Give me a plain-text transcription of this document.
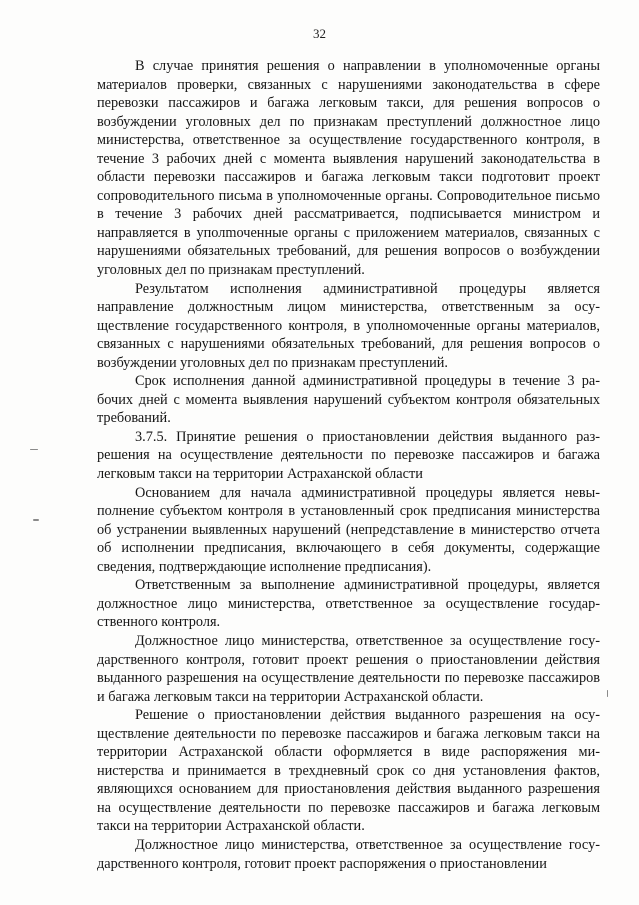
32

В случае принятия решения о направлении в уполномоченные органы материалов проверки, связанных с нарушениями законодательства в сфере перевозки пассажиров и багажа легковым такси, для решения вопросов о возбуждении уголовных дел по признакам преступлений должностное лицо министерства, ответственное за осуществление государственного контроля, в течение 3 рабочих дней с момента выявления нарушений законодательства в области перевозки пассажиров и багажа легковым такси подготовит проект сопроводительного письма в уполномоченные органы. Сопроводительное письмо в течение 3 рабочих дней рассматривается, подписывается министром и направляется в уполmоченные органы с приложением материалов, связанных с нарушениями обязательных требований, для решения вопросов о возбуждении уголовных дел по признакам преступлений.

Результатом исполнения административной процедуры является направление должностным лицом министерства, ответственным за осуществление государственного контроля, в уполномоченные органы материалов, связанных с нарушениями обязательных требований, для решения вопросов о возбуждении уголовных дел по признакам преступлений.

Срок исполнения данной административной процедуры в течение 3 рабочих дней с момента выявления нарушений субъектом контроля обязательных требований.

3.7.5. Принятие решения о приостановлении действия выданного разрешения на осуществление деятельности по перевозке пассажиров и багажа легковым такси на территории Астраханской области

Основанием для начала административной процедуры является невыполнение субъектом контроля в установленный срок предписания министерства об устранении выявленных нарушений (непредставление в министерство отчета об исполнении предписания, включающего в себя документы, содержащие сведения, подтверждающие исполнение предписания).

Ответственным за выполнение административной процедуры, является должностное лицо министерства, ответственное за осуществление государственного контроля.

Должностное лицо министерства, ответственное за осуществление государственного контроля, готовит проект решения о приостановлении действия выданного разрешения на осуществление деятельности по перевозке пассажиров и багажа легковым такси на территории Астраханской области.

Решение о приостановлении действия выданного разрешения на осуществление деятельности по перевозке пассажиров и багажа легковым такси на территории Астраханской области оформляется в виде распоряжения министерства и принимается в трехдневный срок со дня установления фактов, являющихся основанием для приостановления действия выданного разрешения на осуществление деятельности по перевозке пассажиров и багажа легковым такси на территории Астраханской области.

Должностное лицо министерства, ответственное за осуществление государственного контроля, готовит проект распоряжения о приостановлении
